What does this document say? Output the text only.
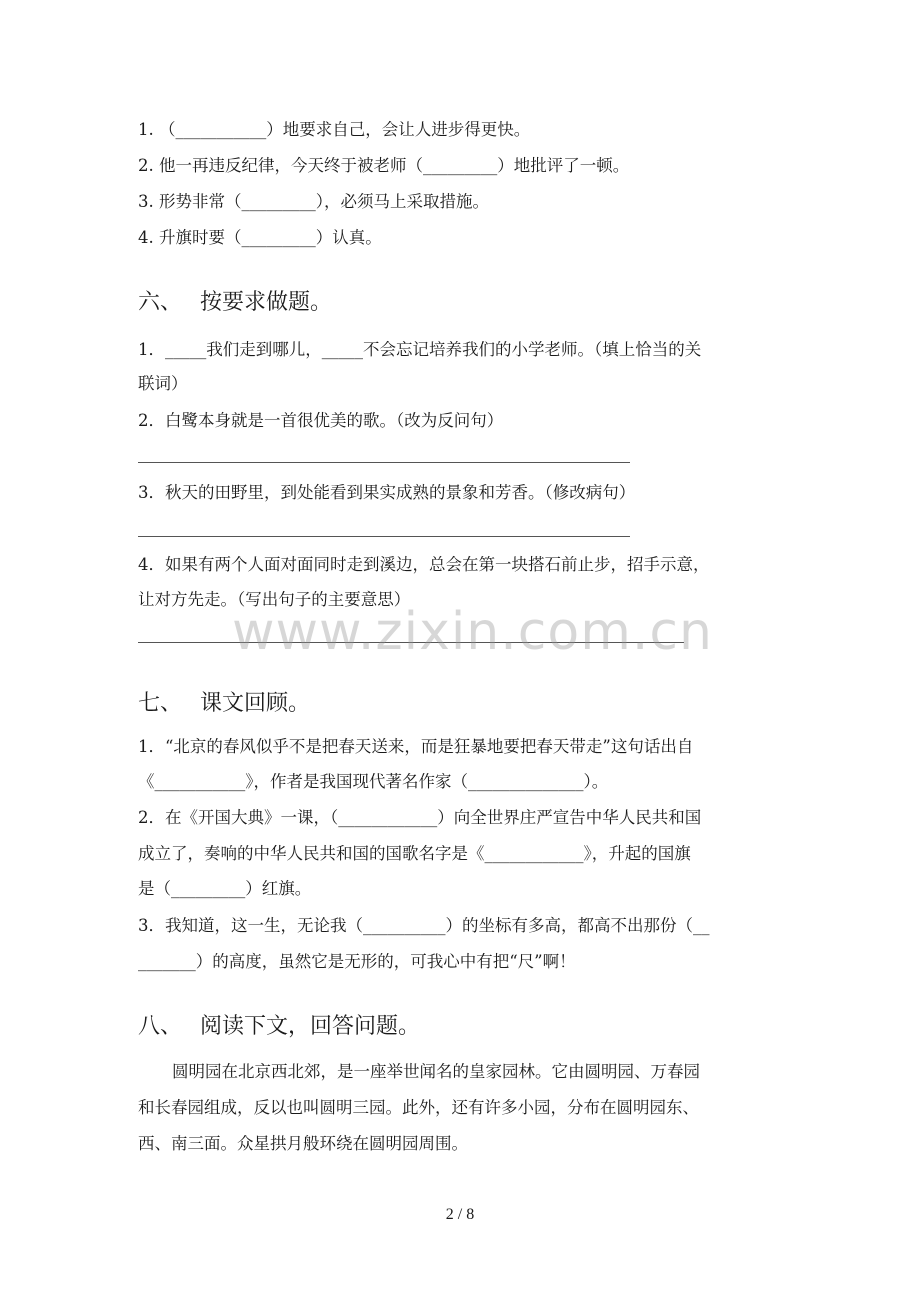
1. （___________）地要求自己，会让人进步得更快。
2. 他一再违反纪律，今天终于被老师（_________）地批评了一顿。
3. 形势非常（_________），必须马上采取措施。
4. 升旗时要（_________）认真。
六、 按要求做题。
1．_____我们走到哪儿，_____不会忘记培养我们的小学老师。（填上恰当的关
联词）
2．白鹭本身就是一首很优美的歌。（改为反问句）
3．秋天的田野里，到处能看到果实成熟的景象和芳香。（修改病句）
4．如果有两个人面对面同时走到溪边，总会在第一块搭石前止步，招手示意，
让对方先走。（写出句子的主要意思）
七、 课文回顾。
1．“北京的春风似乎不是把春天送来，而是狂暴地要把春天带走”这句话出自
《___________》，作者是我国现代著名作家（______________）。
2．在《开国大典》一课，（____________）向全世界庄严宣告中华人民共和国
成立了，奏响的中华人民共和国的国歌名字是《____________》，升起的国旗
是（_________）红旗。
3．我知道，这一生，无论我（__________）的坐标有多高，都高不出那份（__
_______）的高度，虽然它是无形的，可我心中有把“尺”啊！
八、 阅读下文，回答问题。
圆明园在北京西北郊，是一座举世闻名的皇家园林。它由圆明园、万春园
和长春园组成，反以也叫圆明三园。此外，还有许多小园，分布在圆明园东、
西、南三面。众星拱月般环绕在圆明园周围。
www.zixin.com.cn
2 / 8
